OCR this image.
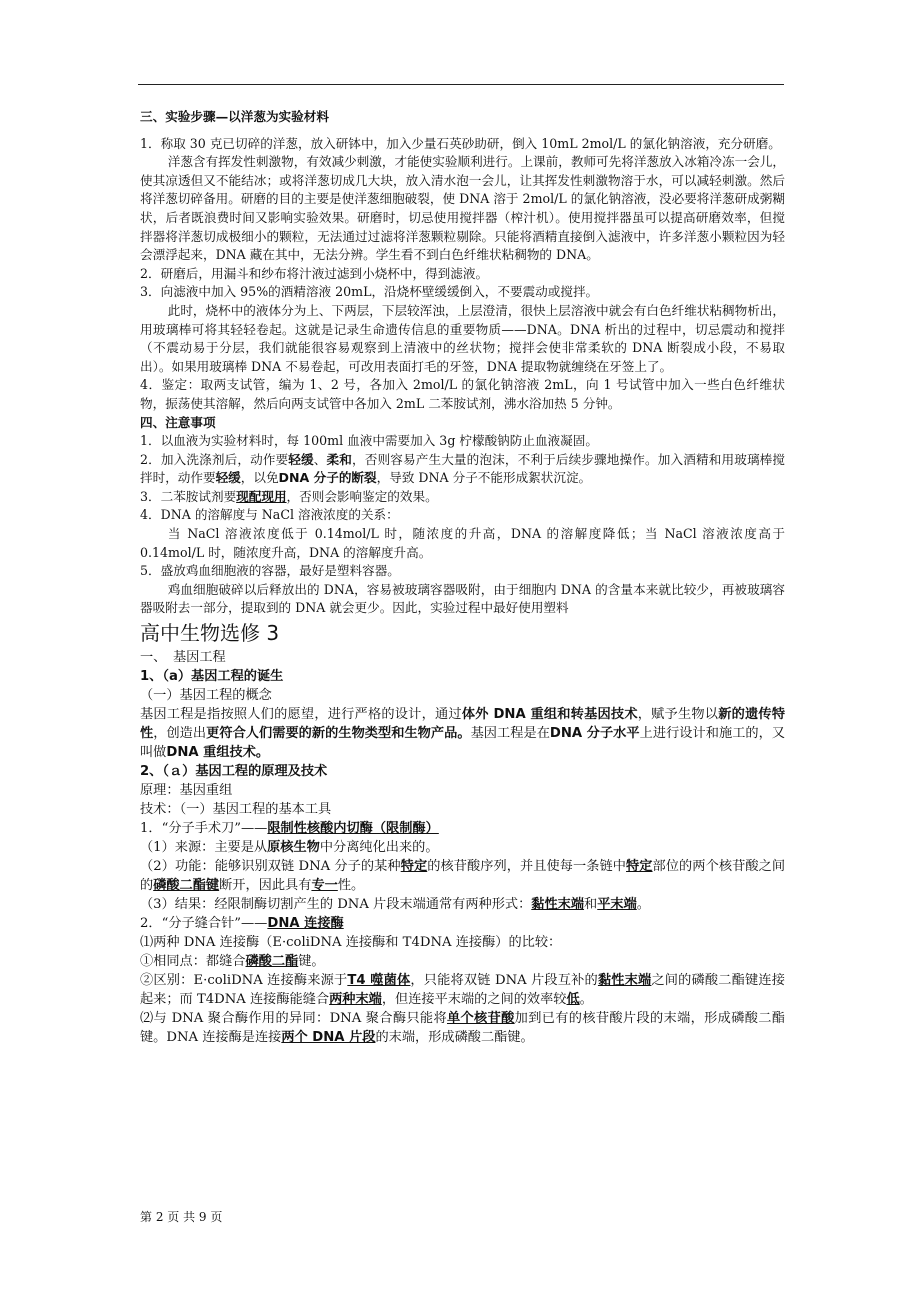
三、实验步骤—以洋葱为实验材料

1．称取 30 克已切碎的洋葱，放入研钵中，加入少量石英砂助研，倒入 10mL 2mol/L 的氯化钠溶液，充分研磨。

洋葱含有挥发性刺激物，有效减少刺激，才能使实验顺利进行。上课前，教师可先将洋葱放入冰箱冷冻一会儿，使其凉透但又不能结冰；或将洋葱切成几大块，放入清水泡一会儿，让其挥发性刺激物溶于水，可以减轻刺激。然后将洋葱切碎备用。研磨的目的主要是使洋葱细胞破裂，使 DNA 溶于 2mol/L 的氯化钠溶液，没必要将洋葱研成粥糊状，后者既浪费时间又影响实验效果。研磨时，切忌使用搅拌器（榨汁机）。使用搅拌器虽可以提高研磨效率，但搅拌器将洋葱切成极细小的颗粒，无法通过过滤将洋葱颗粒剔除。只能将酒精直接倒入滤液中，许多洋葱小颗粒因为轻会漂浮起来，DNA 藏在其中，无法分辨。学生看不到白色纤维状粘稠物的 DNA。

2．研磨后，用漏斗和纱布将汁液过滤到小烧杯中，得到滤液。

3．向滤液中加入 95%的酒精溶液 20mL，沿烧杯壁缓缓倒入，不要震动或搅拌。

此时，烧杯中的液体分为上、下两层，下层较浑浊，上层澄清，很快上层溶液中就会有白色纤维状粘稠物析出，用玻璃棒可将其轻轻卷起。这就是记录生命遗传信息的重要物质——DNA。DNA 析出的过程中，切忌震动和搅拌（不震动易于分层，我们就能很容易观察到上清液中的丝状物；搅拌会使非常柔软的 DNA 断裂成小段，不易取出）。如果用玻璃棒 DNA 不易卷起，可改用表面打毛的牙签，DNA 提取物就缠绕在牙签上了。

4．鉴定：取两支试管，编为 1、2 号，各加入 2mol/L 的氯化钠溶液 2mL，向 1 号试管中加入一些白色纤维状物，振荡使其溶解，然后向两支试管中各加入 2mL 二苯胺试剂，沸水浴加热 5 分钟。

四、注意事项

1．以血液为实验材料时，每 100ml 血液中需要加入 3g 柠檬酸钠防止血液凝固。

2．加入洗涤剂后，动作要轻缓、柔和，否则容易产生大量的泡沫，不利于后续步骤地操作。加入酒精和用玻璃棒搅拌时，动作要轻缓，以免DNA 分子的断裂，导致 DNA 分子不能形成絮状沉淀。

3．二苯胺试剂要现配现用，否则会影响鉴定的效果。

4．DNA 的溶解度与 NaCl 溶液浓度的关系：

当 NaCl 溶液浓度低于 0.14mol/L 时，随浓度的升高，DNA 的溶解度降低；当 NaCl 溶液浓度高于 0.14mol/L 时，随浓度升高，DNA 的溶解度升高。

5．盛放鸡血细胞液的容器，最好是塑料容器。

鸡血细胞破碎以后释放出的 DNA，容易被玻璃容器吸附，由于细胞内 DNA 的含量本来就比较少，再被玻璃容器吸附去一部分，提取到的 DNA 就会更少。因此，实验过程中最好使用塑料

高中生物选修 3

一、　基因工程

1、（a）基因工程的诞生

（一）基因工程的概念

基因工程是指按照人们的愿望，进行严格的设计，通过体外 DNA 重组和转基因技术，赋予生物以新的遗传特性，创造出更符合人们需要的新的生物类型和生物产品。基因工程是在DNA 分子水平上进行设计和施工的，又叫做DNA 重组技术。

2、（ａ）基因工程的原理及技术

原理：基因重组

技术：（一）基因工程的基本工具

1．“分子手术刀”——限制性核酸内切酶（限制酶）

（1）来源：主要是从原核生物中分离纯化出来的。

（2）功能：能够识别双链 DNA 分子的某种特定的核苷酸序列，并且使每一条链中特定部位的两个核苷酸之间的磷酸二酯键断开，因此具有专一性。

（3）结果：经限制酶切割产生的 DNA 片段末端通常有两种形式：黏性末端和平末端。

2．“分子缝合针”——DNA 连接酶

⑴两种 DNA 连接酶（E·coliDNA 连接酶和 T4DNA 连接酶）的比较：

①相同点：都缝合磷酸二酯键。

②区别：E·coliDNA 连接酶来源于T4 噬菌体，只能将双链 DNA 片段互补的黏性末端之间的磷酸二酯键连接起来；而 T4DNA 连接酶能缝合两种末端，但连接平末端的之间的效率较低。

⑵与 DNA 聚合酶作用的异同：DNA 聚合酶只能将单个核苷酸加到已有的核苷酸片段的末端，形成磷酸二酯键。DNA 连接酶是连接两个 DNA 片段的末端，形成磷酸二酯键。

第 2 页 共 9 页
